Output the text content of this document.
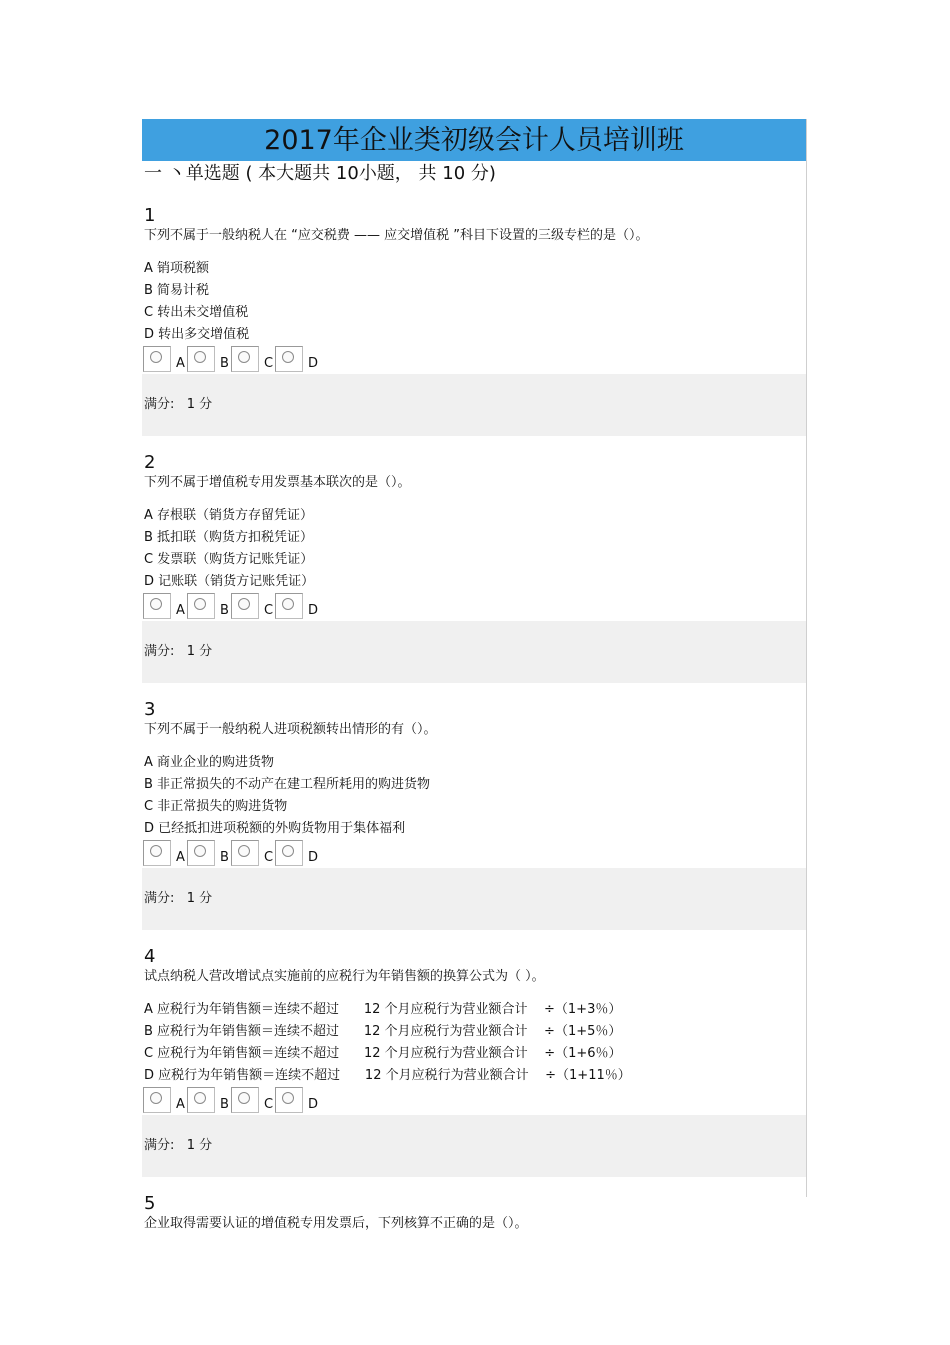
2017年企业类初级会计人员培训班
一 丶单选题 ( 本大题共 10小题， 共 10 分)
1
下列不属于一般纳税人在 “应交税费 —— 应交增值税 ”科目下设置的三级专栏的是（）。
A 销项税额
B 简易计税
C 转出未交增值税
D 转出多交增值税
A	B	C	D
满分:   1 分
2
下列不属于增值税专用发票基本联次的是（）。
A 存根联（销货方存留凭证）
B 抵扣联（购货方扣税凭证）
C 发票联（购货方记账凭证）
D 记账联（销货方记账凭证）
A	B	C	D
满分:   1 分
3
下列不属于一般纳税人进项税额转出情形的有（）。
A 商业企业的购进货物
B 非正常损失的不动产在建工程所耗用的购进货物
C 非正常损失的购进货物
D 已经抵扣进项税额的外购货物用于集体福利
A	B	C	D
满分:   1 分
4
试点纳税人营改增试点实施前的应税行为年销售额的换算公式为（ ）。
A 应税行为年销售额＝连续不超过      12 个月应税行为营业额合计    ÷（1+3％）
B 应税行为年销售额＝连续不超过      12 个月应税行为营业额合计    ÷（1+5％）
C 应税行为年销售额＝连续不超过      12 个月应税行为营业额合计    ÷（1+6％）
D 应税行为年销售额＝连续不超过      12 个月应税行为营业额合计    ÷（1+11％）
A	B	C	D
满分:   1 分
5
企业取得需要认证的增值税专用发票后，下列核算不正确的是（）。
